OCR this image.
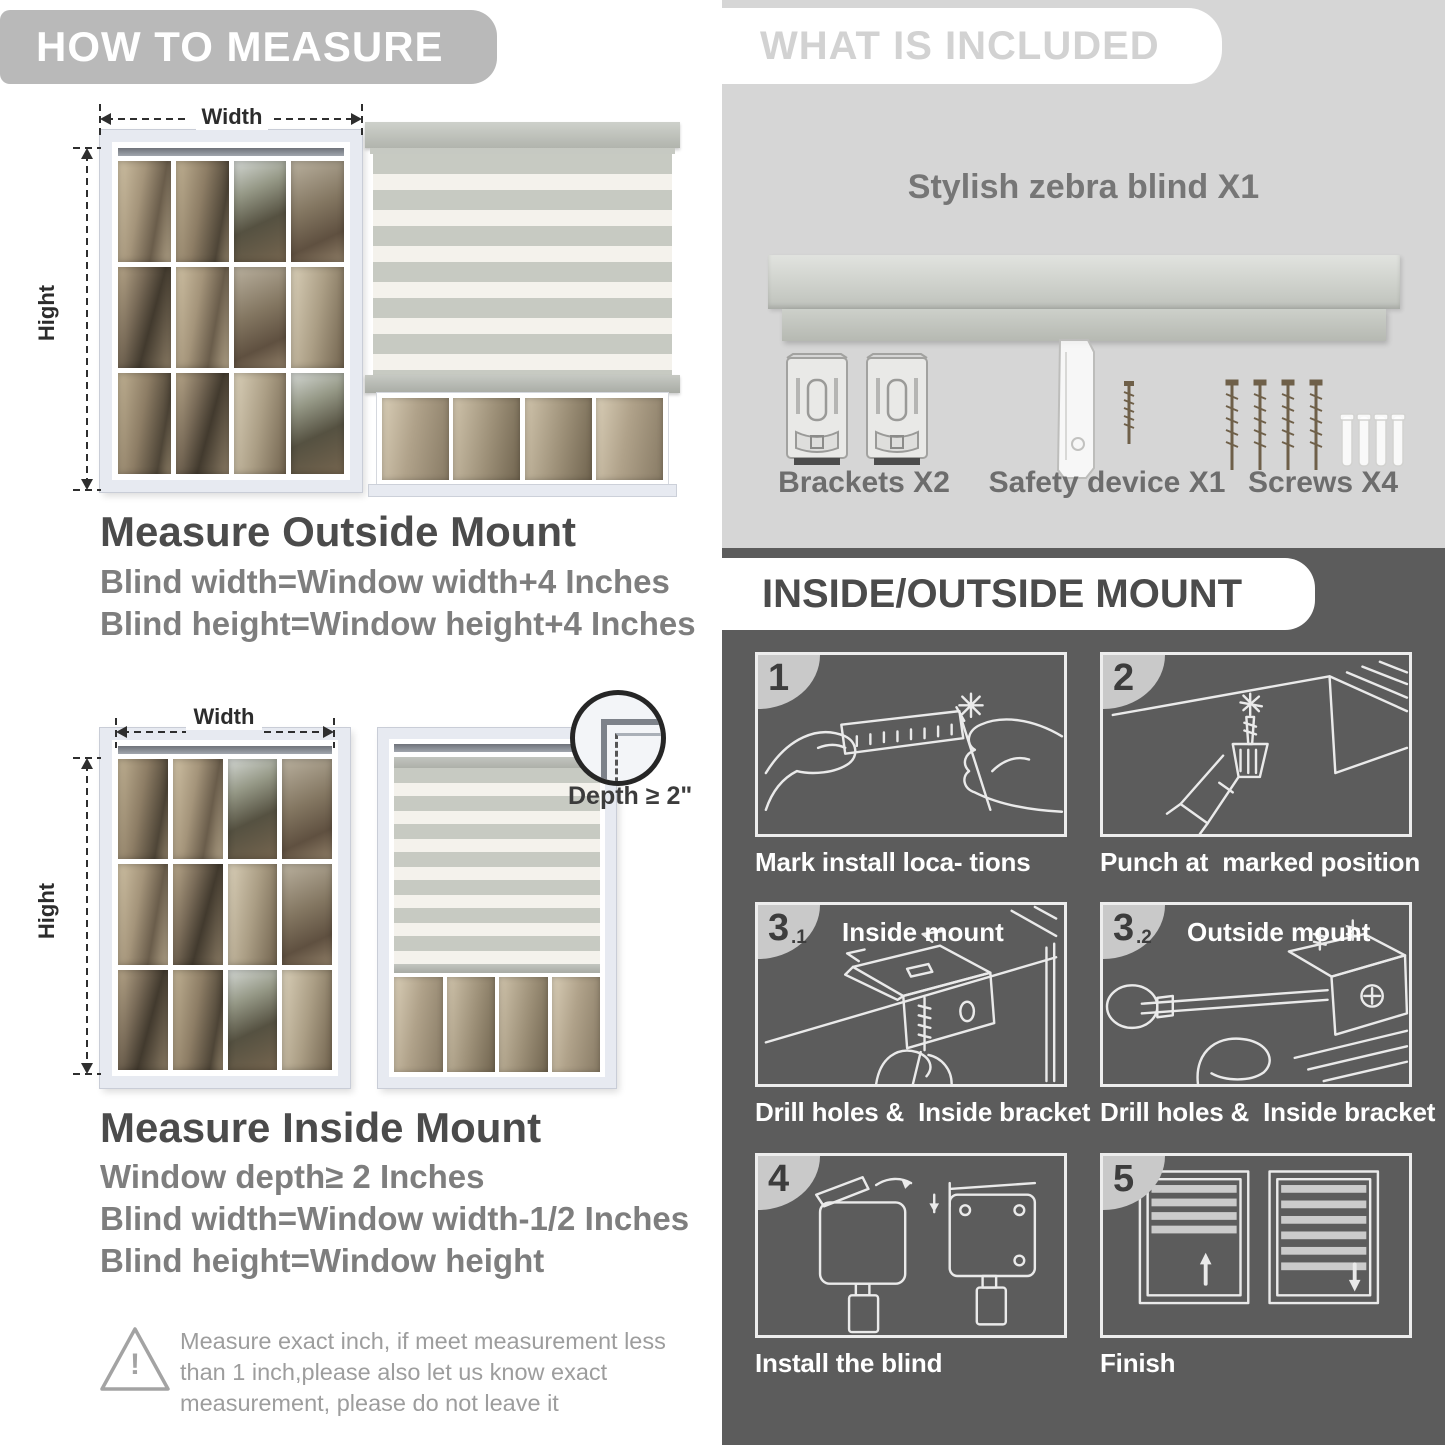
HOW TO MEASURE
Width
Hight
Measure Outside Mount
Blind width=Window width+4 Inches
Blind height=Window height+4 Inches
Width
Hight
Depth ≥ 2"
Measure Inside Mount
Window depth≥ 2 Inches
Blind width=Window width-1/2 Inches
Blind height=Window height
!
Measure exact inch, if meet measurement less than 1 inch,please also let us know exact measurement, please do not leave it
WHAT IS INCLUDED
Stylish zebra blind X1
Brackets X2	Safety device X1 Screws X4
INSIDE/OUTSIDE MOUNT
1
Mark install loca- tions
2
Punch at  marked position
3 .1 Inside mount
Drill holes &  Inside bracket
3 .2 Outside mount
Drill holes &  Inside bracket
4
Install the blind
5
Finish
